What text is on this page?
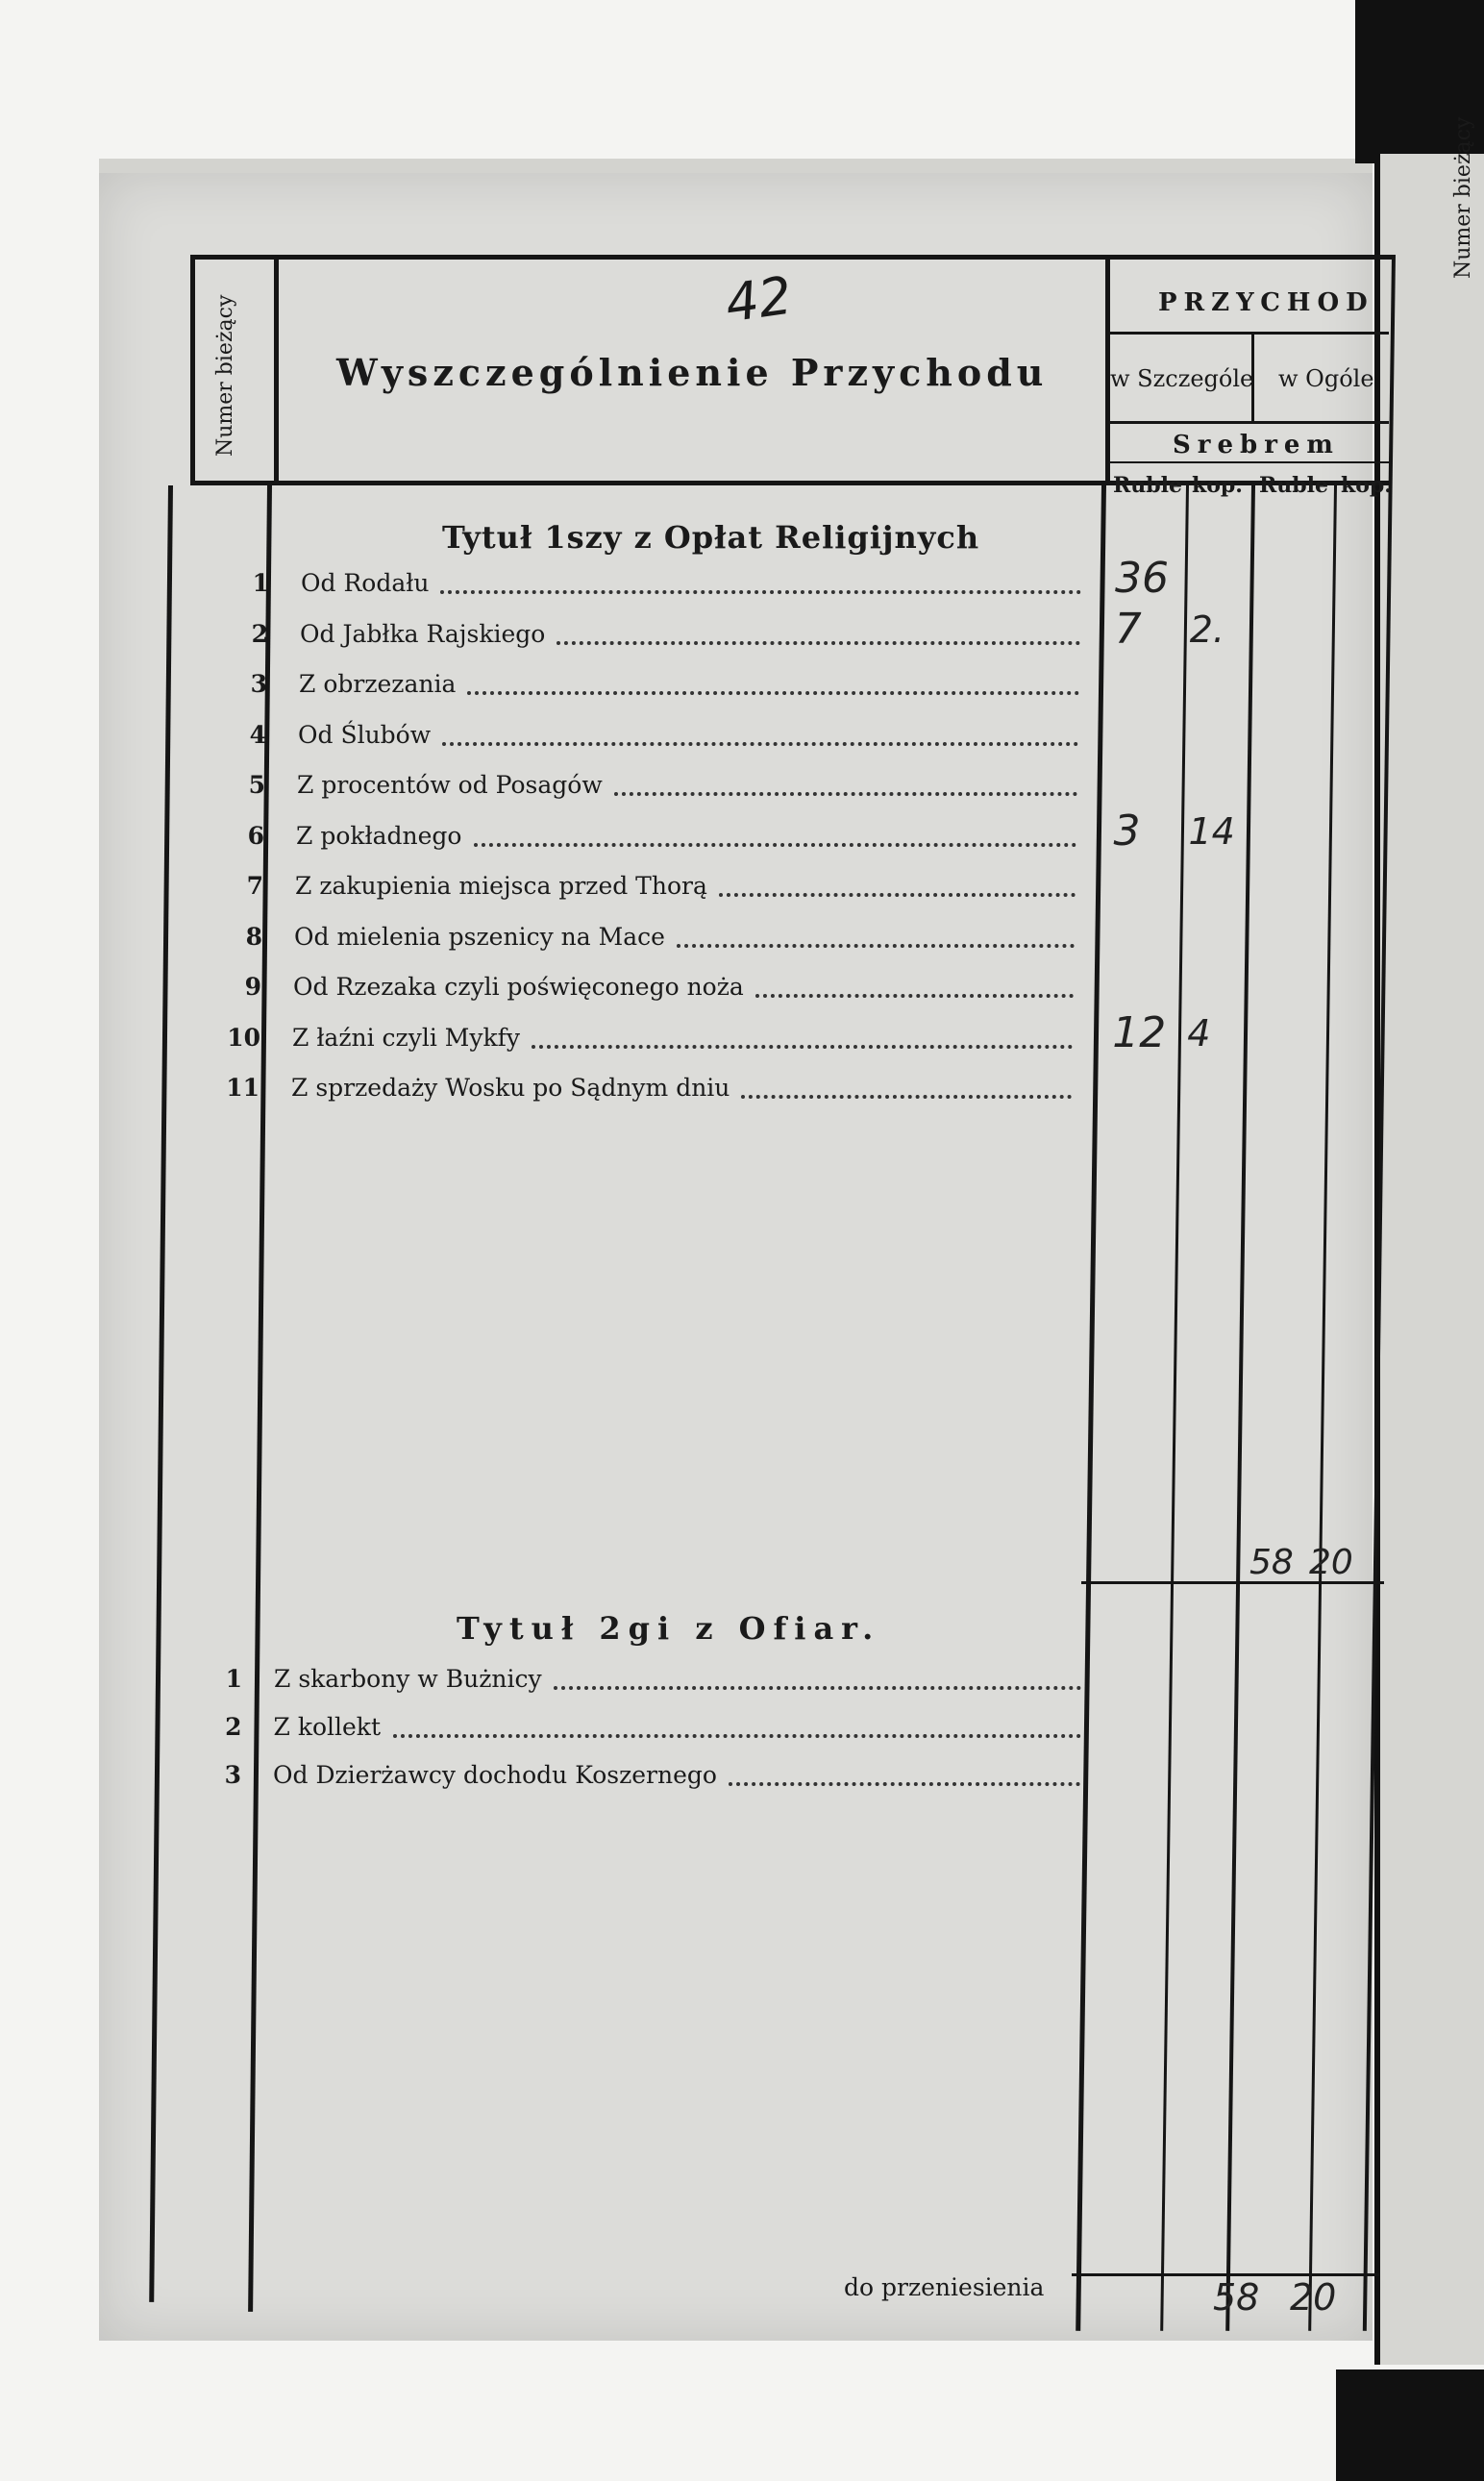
Numer bieżący
Numer bieżący	42
Wyszczególnienie Przychodu
PRZYCHOD
w Szczególe w Ogóle
Srebrem
Ruble kop. Ruble kop.
Tytuł 1szy z Opłat Religijnych
1 Od Rodału	36
2 Od Jabłka Rajskiego	7 2.
3 Z obrzezania
4 Od Ślubów
5 Z procentów od Posagów
6 Z pokładnego	3 14
7 Z zakupienia miejsca przed Thorą
8 Od mielenia pszenicy na Mace
9 Od Rzezaka czyli poświęconego noża
10 Z łaźni czyli Mykfy	12 4
11 Z sprzedaży Wosku po Sądnym dniu
58 20
Tytuł 2gi z Ofiar.
1 Z skarbony w Bużnicy
2 Z kollekt
3 Od Dzierżawcy dochodu Koszernego
do przeniesienia	58 20
